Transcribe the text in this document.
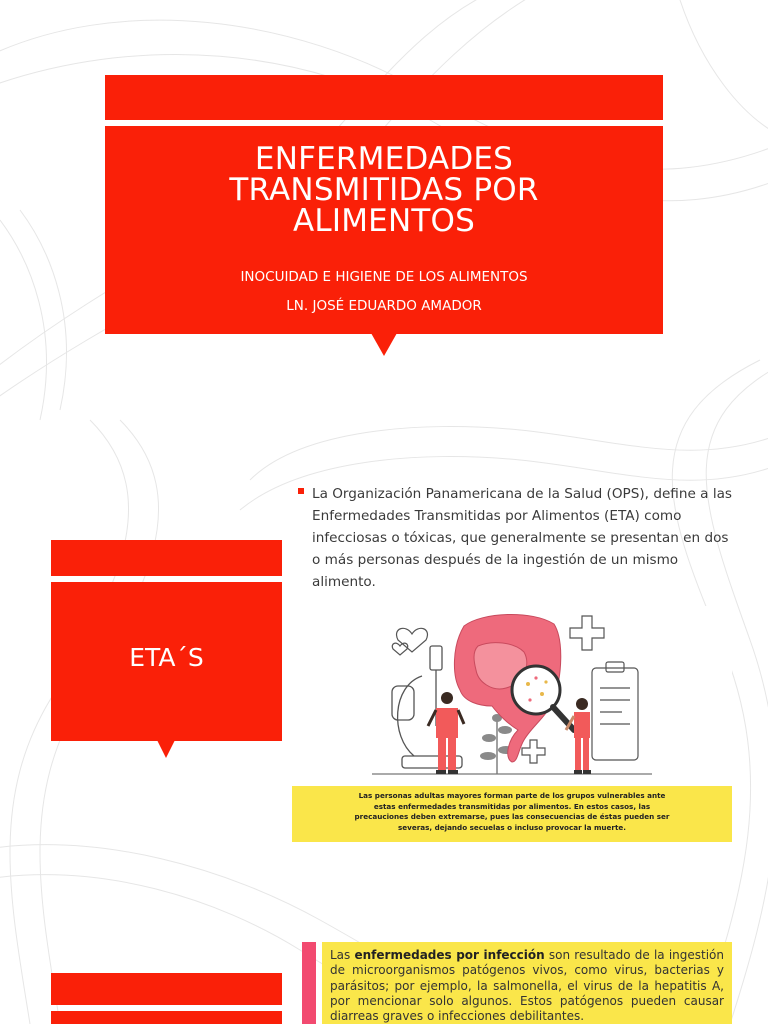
ENFERMEDADES
TRANSMITIDAS POR
ALIMENTOS
INOCUIDAD E HIGIENE DE LOS ALIMENTOS
LN. JOSÉ EDUARDO AMADOR
ETA´S

La Organización Panamericana de la Salud (OPS), define a las Enfermedades Transmitidas por Alimentos (ETA) como infecciosas o tóxicas, que generalmente se presentan en dos o más personas después de la ingestión de un mismo alimento.

Las personas adultas mayores forman parte de los grupos vulnerables ante estas enfermedades transmitidas por alimentos. En estos casos, las precauciones deben extremarse, pues las consecuencias de éstas pueden ser severas, dejando secuelas o incluso provocar la muerte.

Las enfermedades por infección son resultado de la ingestión de microorganismos patógenos vivos, como virus, bacterias y parásitos; por ejemplo, la salmonella, el virus de la hepatitis A, por mencionar solo algunos. Estos patógenos pueden causar diarreas graves o infecciones debilitantes.
